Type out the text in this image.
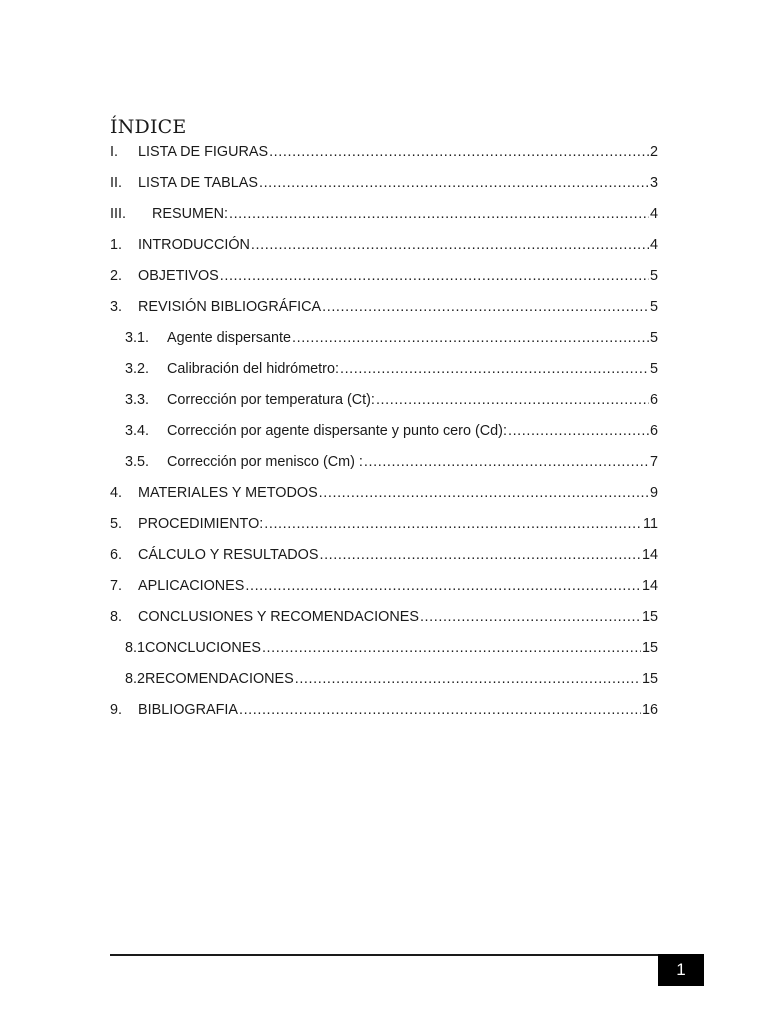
ÍNDICE
I.	LISTA DE FIGURAS .....	2
II.	LISTA DE TABLAS .....	3
III.	RESUMEN: .....	4
1.	INTRODUCCIÓN .....	4
2.	OBJETIVOS .....	5
3.	REVISIÓN BIBLIOGRÁFICA .....	5
3.1.	Agente dispersante .....	5
3.2.	Calibración del hidrómetro: .....	5
3.3.	Corrección por temperatura (Ct): .....	6
3.4.	Corrección por agente dispersante y punto cero (Cd): .....	6
3.5.	Corrección por menisco (Cm) : .....	7
4.	MATERIALES Y METODOS .....	9
5.	PROCEDIMIENTO: .....	11
6.	CÁLCULO Y RESULTADOS .....	14
7.	APLICACIONES .....	14
8.	CONCLUSIONES Y RECOMENDACIONES .....	15
8.1CONCLUCIONES .....	15
8.2RECOMENDACIONES .....	15
9.	BIBLIOGRAFIA .....	16
1
